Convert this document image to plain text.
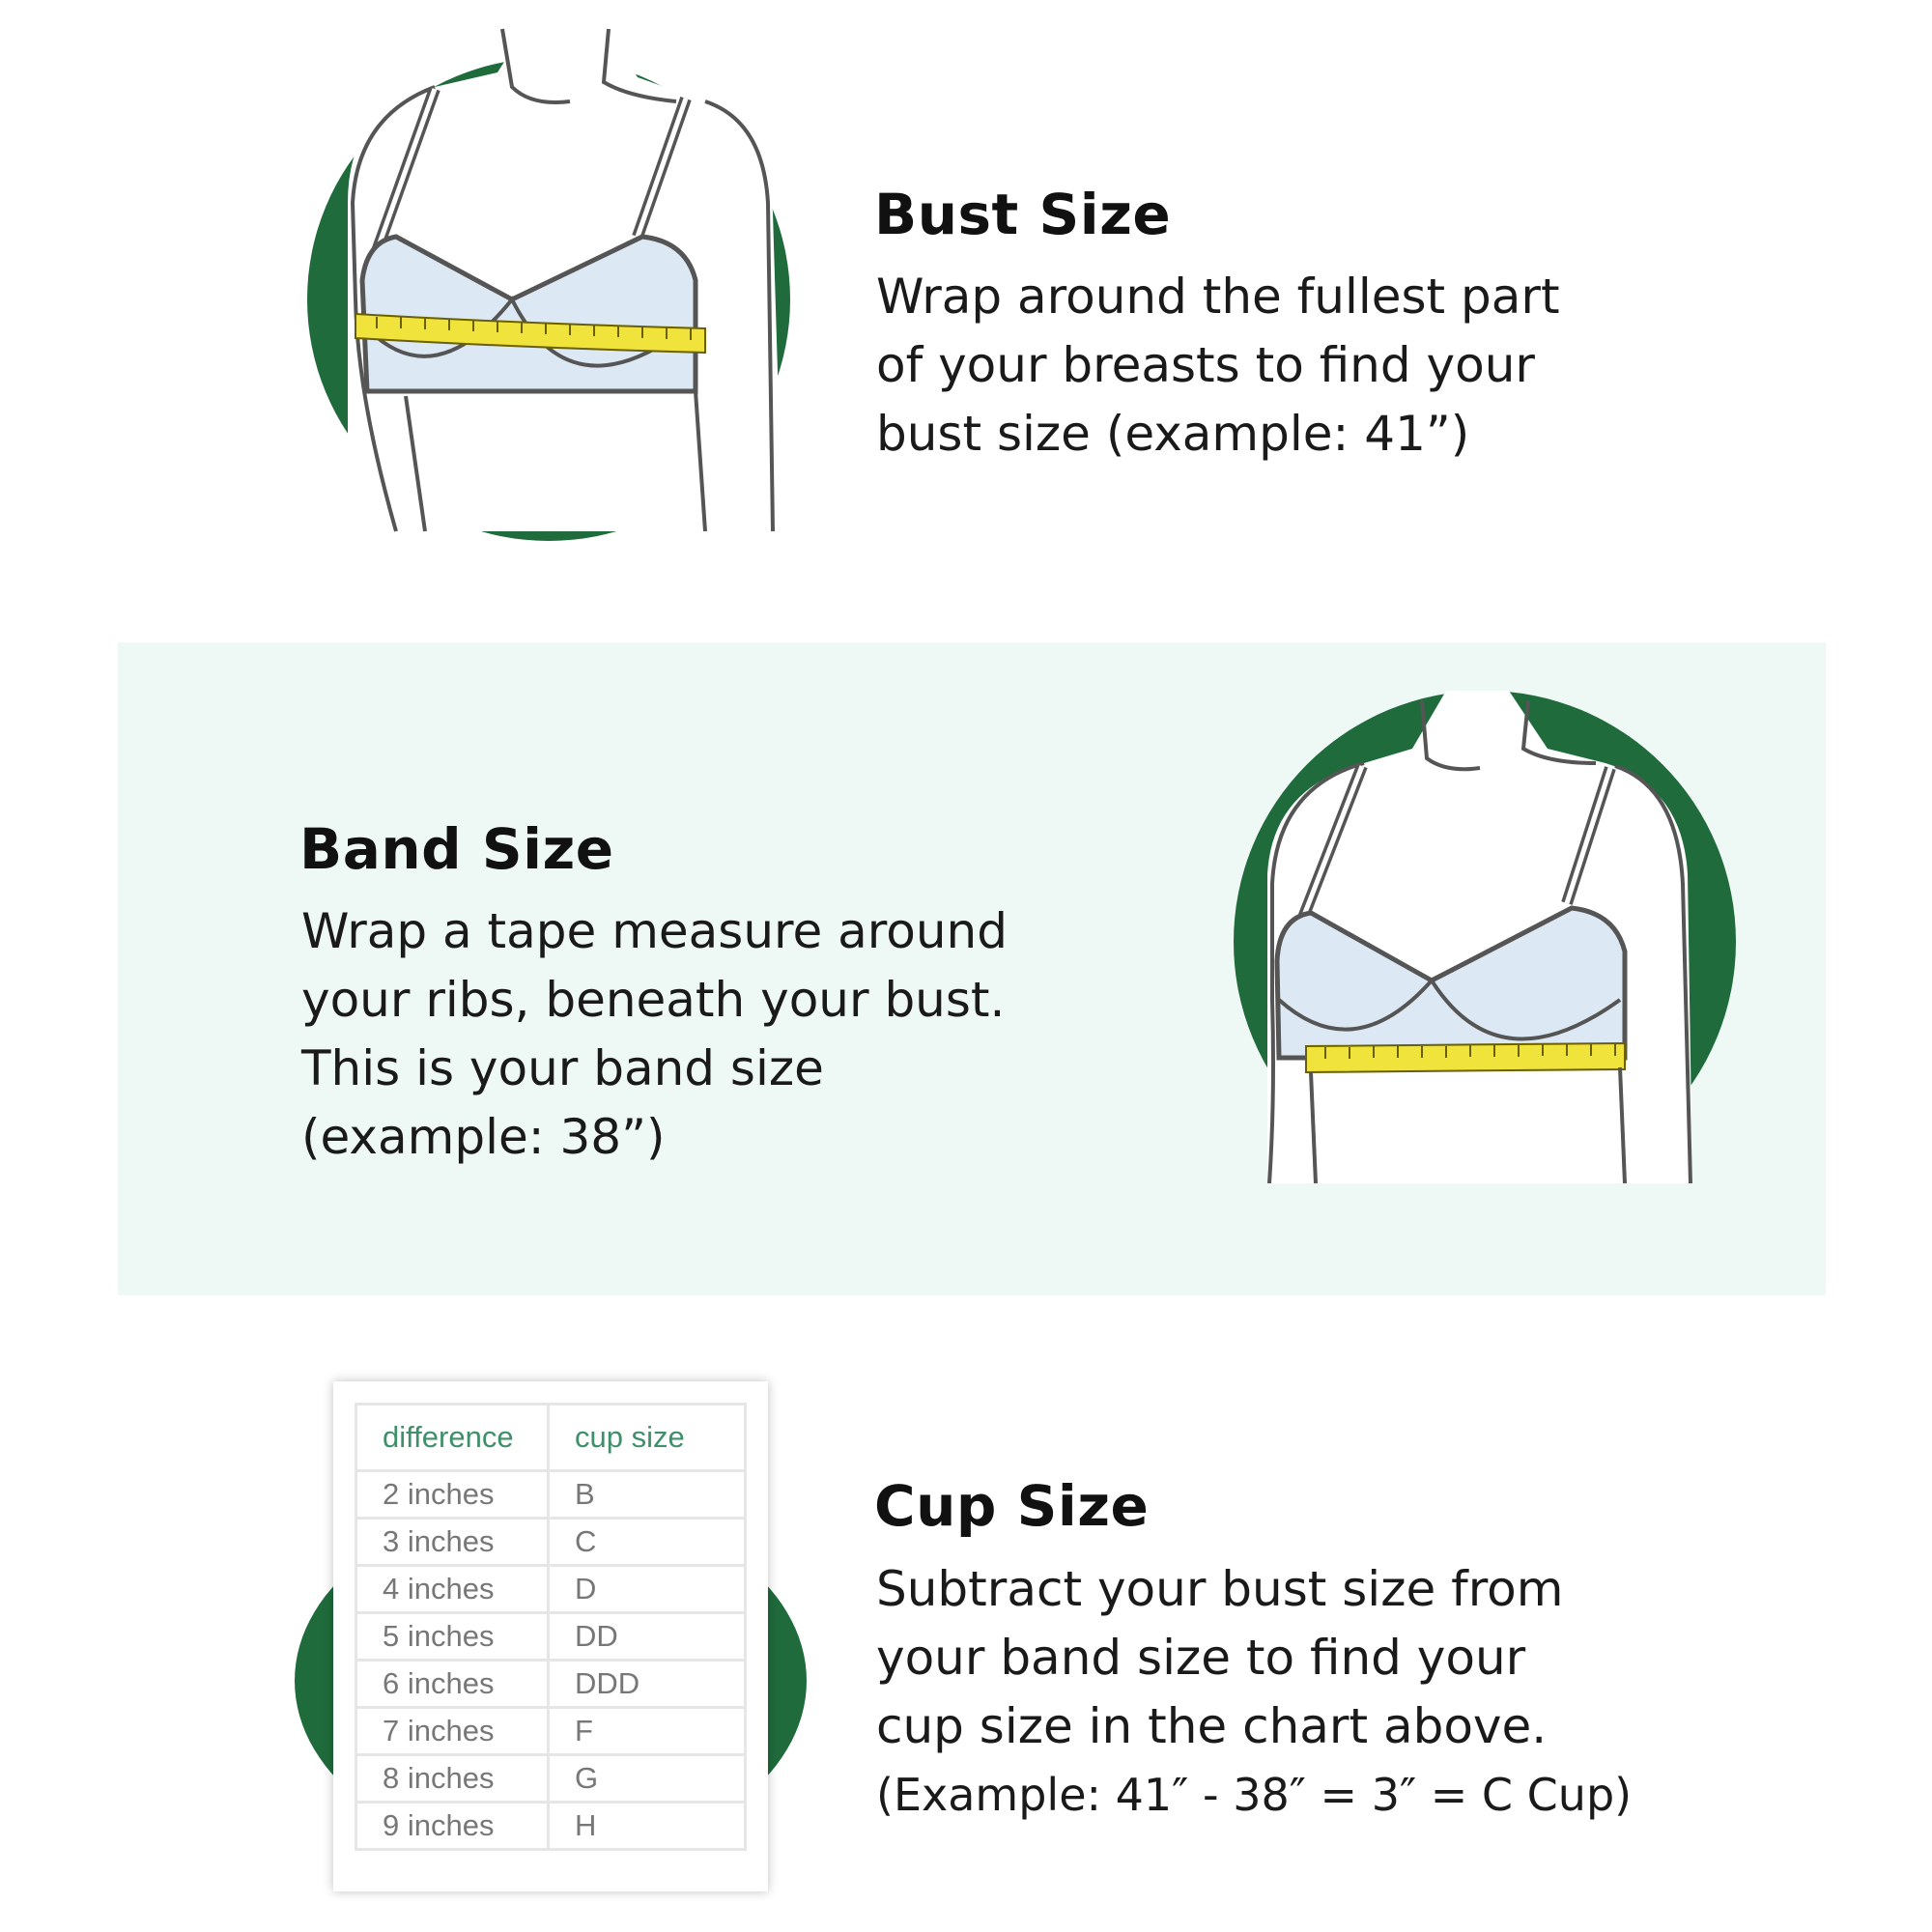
Bust Size

Wrap around the fullest part
of your breasts to find your
bust size (example: 41”)

Band Size

Wrap a tape measure around
your ribs, beneath your bust.
This is your band size
(example: 38”)

difference	cup size
2 inches	B
3 inches	C
4 inches	D
5 inches	DD
6 inches	DDD
7 inches	F
8 inches	G
9 inches	H
Cup Size

Subtract your bust size from
your band size to find your
cup size in the chart above.
(Example: 41″ - 38″ = 3″ = C Cup)
